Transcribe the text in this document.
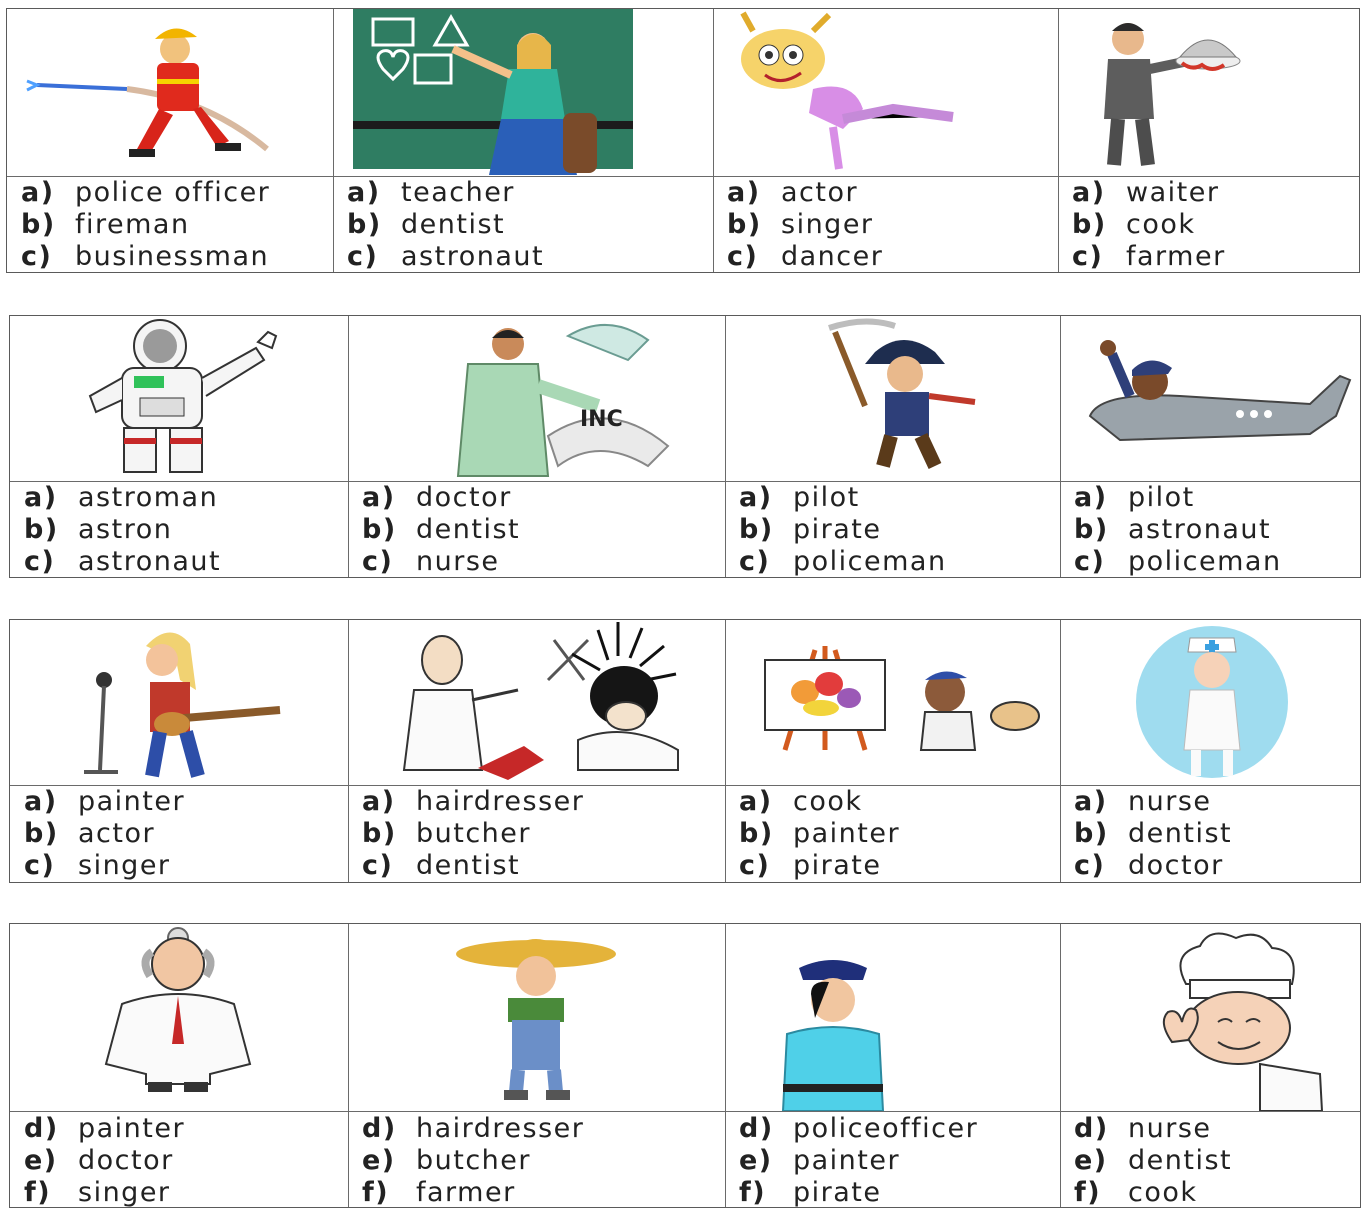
a) police officer
b) fireman
c) businessman
a) teacher
b) dentist
c) astronaut
a) actor
b) singer
c) dancer
a) waiter
b) cook
c) farmer
a) astroman
b) astron
c) astronaut
INC
a) doctor
b) dentist
c) nurse
a) pilot
b) pirate
c) policeman
a) pilot
b) astronaut
c) policeman
a) painter
b) actor
c) singer
a) hairdresser
b) butcher
c) dentist
a) cook
b) painter
c) pirate
a) nurse
b) dentist
c) doctor
d) painter
e) doctor
f) singer
d) hairdresser
e) butcher
f) farmer
d) policeofficer
e) painter
f) pirate
d) nurse
e) dentist
f) cook
